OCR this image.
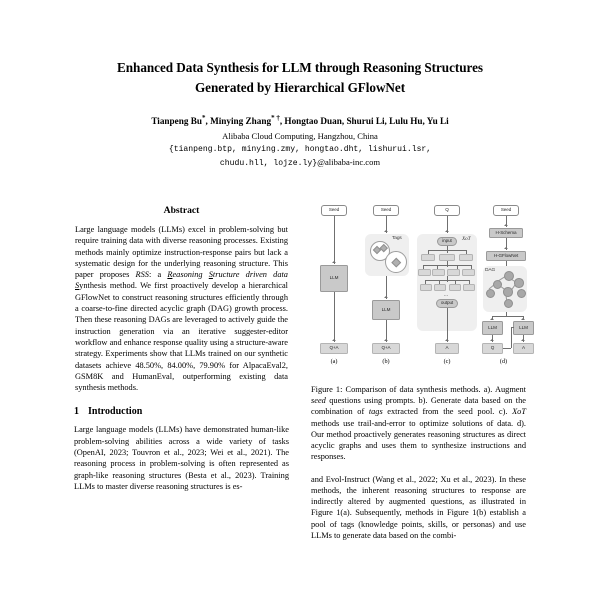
Enhanced Data Synthesis for LLM through Reasoning Structures
Generated by Hierarchical GFlowNet
Tianpeng Bu*, Minying Zhang* †, Hongtao Duan, Shurui Li, Lulu Hu, Yu Li
Alibaba Cloud Computing, Hangzhou, China
{tianpeng.btp, minying.zmy, hongtao.dht, lishurui.lsr,
chudu.hll, lojze.ly}@alibaba-inc.com
Abstract

Large language models (LLMs) excel in problem-solving but require training data with diverse reasoning processes. Existing methods mainly optimize instruction-response pairs but lack a systematic design for the underlying reasoning structure. This paper proposes RSS: a Reasoning Structure driven data Synthesis method. We first proactively develop a hierarchical GFlowNet to construct reasoning structures efficiently through a coarse-to-fine directed acyclic graph (DAG) growth process. Then these reasoning DAGs are leveraged to actively guide the instruction generation via an iterative suggester-editor workflow and enhance response quality using a structure-aware strategy. Experiments show that LLMs trained on our synthetic datasets achieve 48.50%, 84.00%, 79.90% for AlpacaEval2, GSM8K and HumanEval, outperforming existing data synthesis methods.

1 Introduction

Large language models (LLMs) have demonstrated human-like problem-solving abilities across a wide variety of tasks (OpenAI, 2023; Touvron et al., 2023; Wei et al., 2021). The reasoning process in problem-solving is often represented as graph-like reasoning structures (Besta et al., 2023). Training LLMs to master diverse reasoning structures is es-

Seed
LLM
Q+A
(a)
Seed
Tags
LLM
Q+A
(b)
Q
XoT
input
...
output
A
(c)
Seed
H-Schema
H-GFlowNet
DAG
LLM	LLM
Q	A
(d)

Figure 1: Comparison of data synthesis methods. a). Augment seed questions using prompts. b). Generate data based on the combination of tags extracted from the seed pool. c). XoT methods use trail-and-error to optimize solutions of data. d). Our method proactively generates reasoning structures as direct acyclic graphs and uses them to synthesize instructions and responses.

and Evol-Instruct (Wang et al., 2022; Xu et al., 2023). In these methods, the inherent reasoning structures to response are indirectly altered by augmented questions, as illustrated in Figure 1(a). Subsequently, methods in Figure 1(b) establish a pool of tags (knowledge points, skills, or personas) and use LLMs to generate data based on the combi-
